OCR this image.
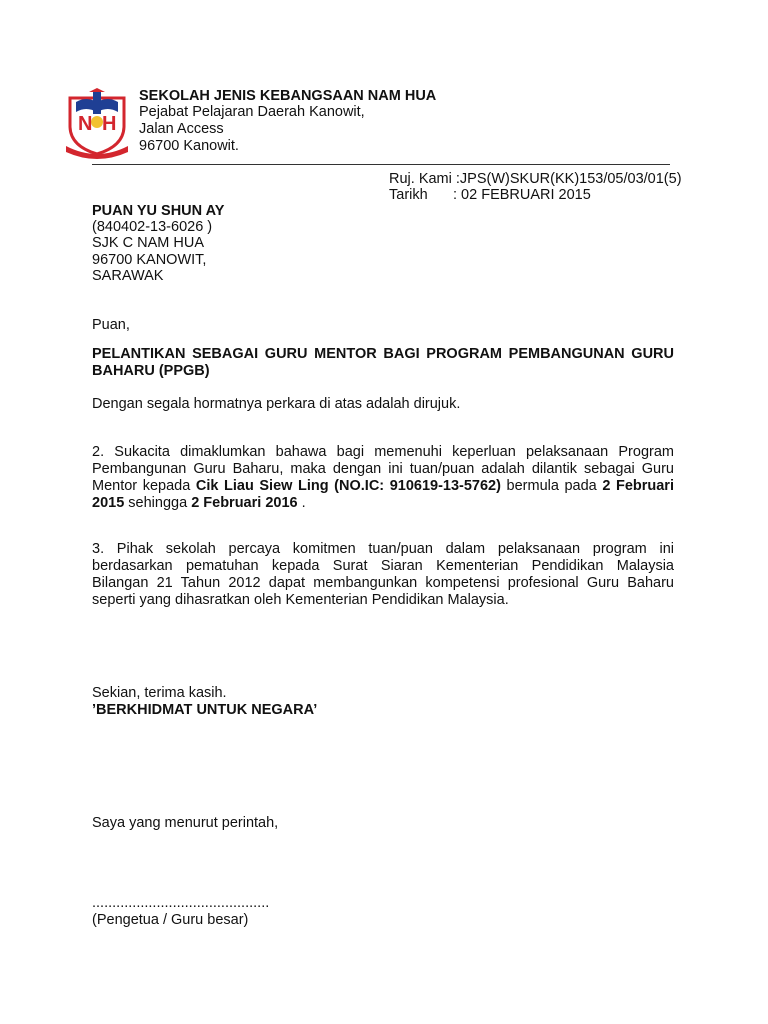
N H
SEKOLAH JENIS KEBANGSAAN NAM HUA
Pejabat Pelajaran Daerah Kanowit,
Jalan Access
96700 Kanowit.
Ruj. Kami :JPS(W)SKUR(KK)153/05/03/01(5)
Tarikh : 02 FEBRUARI 2015
PUAN YU SHUN AY
(840402-13-6026 )
SJK C NAM HUA
96700 KANOWIT,
SARAWAK
Puan,
PELANTIKAN SEBAGAI GURU MENTOR BAGI PROGRAM PEMBANGUNAN GURU
BAHARU (PPGB)
Dengan segala hormatnya perkara di atas adalah dirujuk.
2. Sukacita dimaklumkan bahawa bagi memenuhi keperluan pelaksanaan Program
Pembangunan Guru Baharu, maka dengan ini tuan/puan adalah dilantik sebagai Guru
Mentor kepada Cik Liau Siew Ling (NO.IC: 910619-13-5762) bermula pada 2 Februari
2015 sehingga 2 Februari 2016 .
3. Pihak sekolah percaya komitmen tuan/puan dalam pelaksanaan program ini
berdasarkan pematuhan kepada Surat Siaran Kementerian Pendidikan Malaysia
Bilangan 21 Tahun 2012 dapat membangunkan kompetensi profesional Guru Baharu
seperti yang dihasratkan oleh Kementerian Pendidikan Malaysia.
Sekian, terima kasih.
’BERKHIDMAT UNTUK NEGARA’
Saya yang menurut perintah,
............................................
(Pengetua / Guru besar)
